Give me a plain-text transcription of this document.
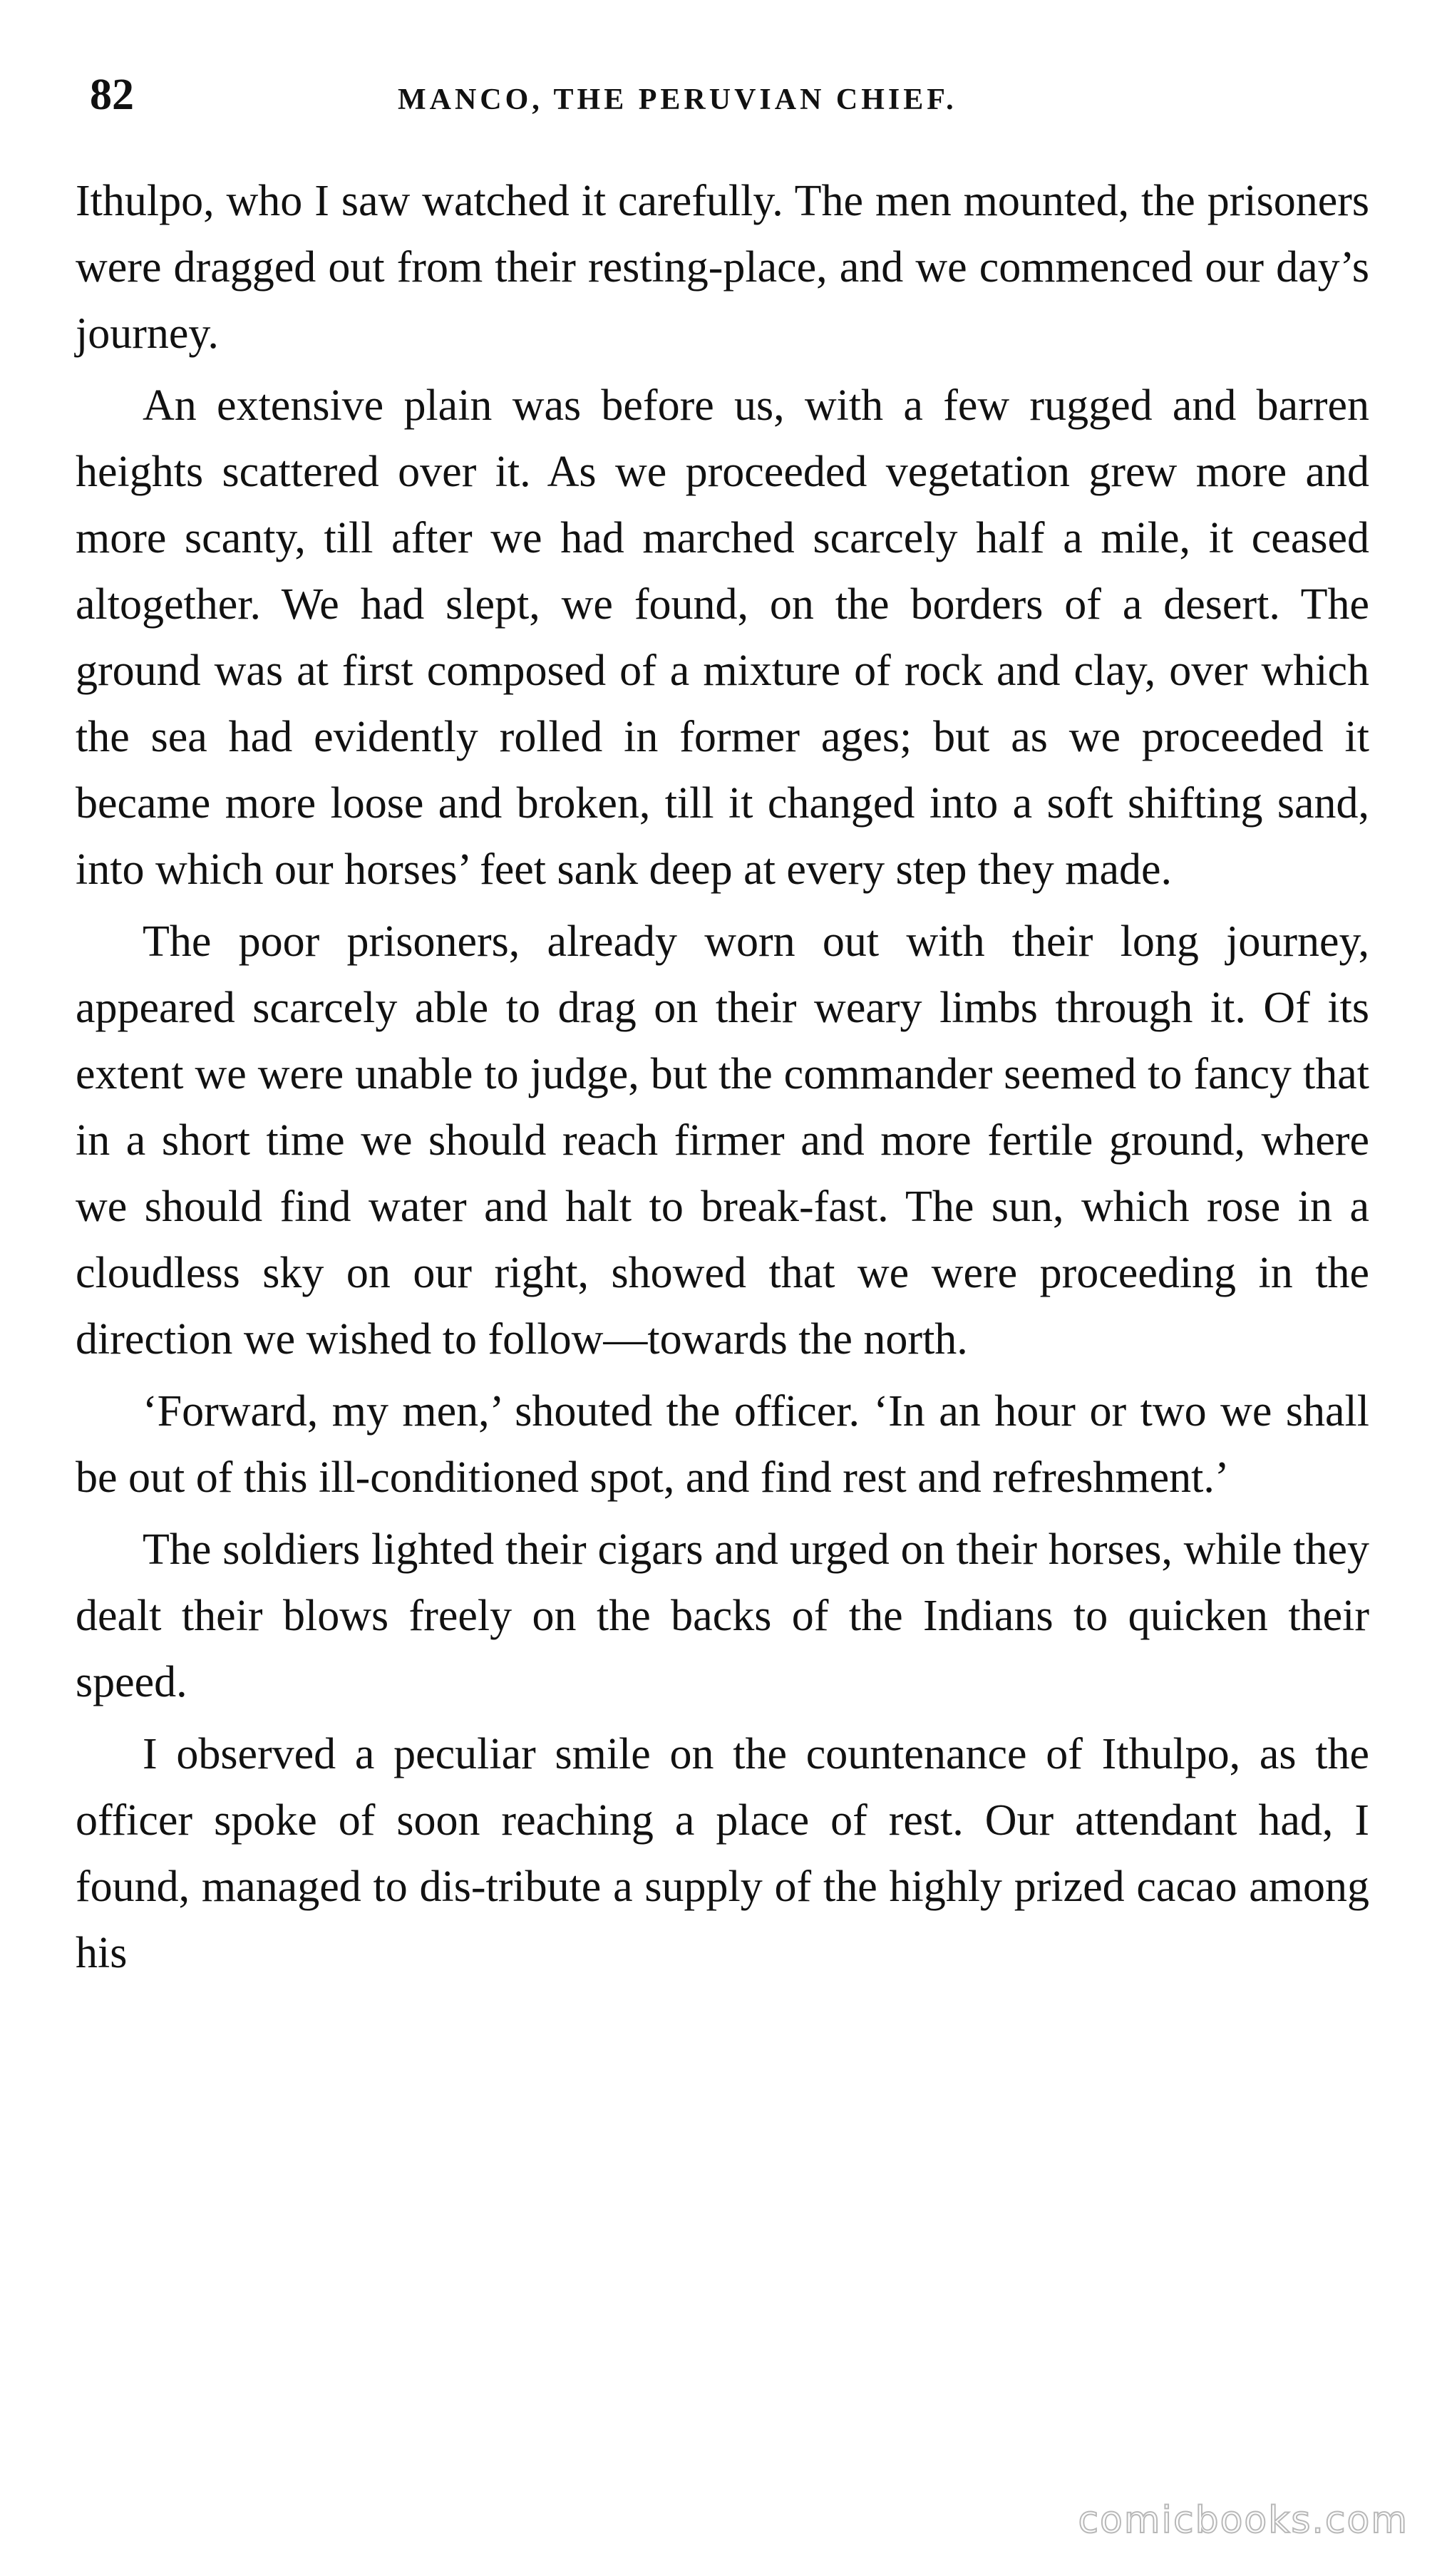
82	MANCO, THE PERUVIAN CHIEF.

Ithulpo, who I saw watched it carefully. The men mounted, the prisoners were dragged out from their resting-place, and we commenced our day’s journey.

An extensive plain was before us, with a few rugged and barren heights scattered over it. As we proceeded vegetation grew more and more scanty, till after we had marched scarcely half a mile, it ceased altogether. We had slept, we found, on the borders of a desert. The ground was at first composed of a mixture of rock and clay, over which the sea had evidently rolled in former ages; but as we proceeded it became more loose and broken, till it changed into a soft shifting sand, into which our horses’ feet sank deep at every step they made.

The poor prisoners, already worn out with their long journey, appeared scarcely able to drag on their weary limbs through it. Of its extent we were unable to judge, but the commander seemed to fancy that in a short time we should reach firmer and more fertile ground, where we should find water and halt to break-fast. The sun, which rose in a cloudless sky on our right, showed that we were proceeding in the direction we wished to follow—towards the north.

‘Forward, my men,’ shouted the officer. ‘In an hour or two we shall be out of this ill-conditioned spot, and find rest and refreshment.’

The soldiers lighted their cigars and urged on their horses, while they dealt their blows freely on the backs of the Indians to quicken their speed.

I observed a peculiar smile on the countenance of Ithulpo, as the officer spoke of soon reaching a place of rest. Our attendant had, I found, managed to dis-tribute a supply of the highly prized cacao among his

comicbooks.com
